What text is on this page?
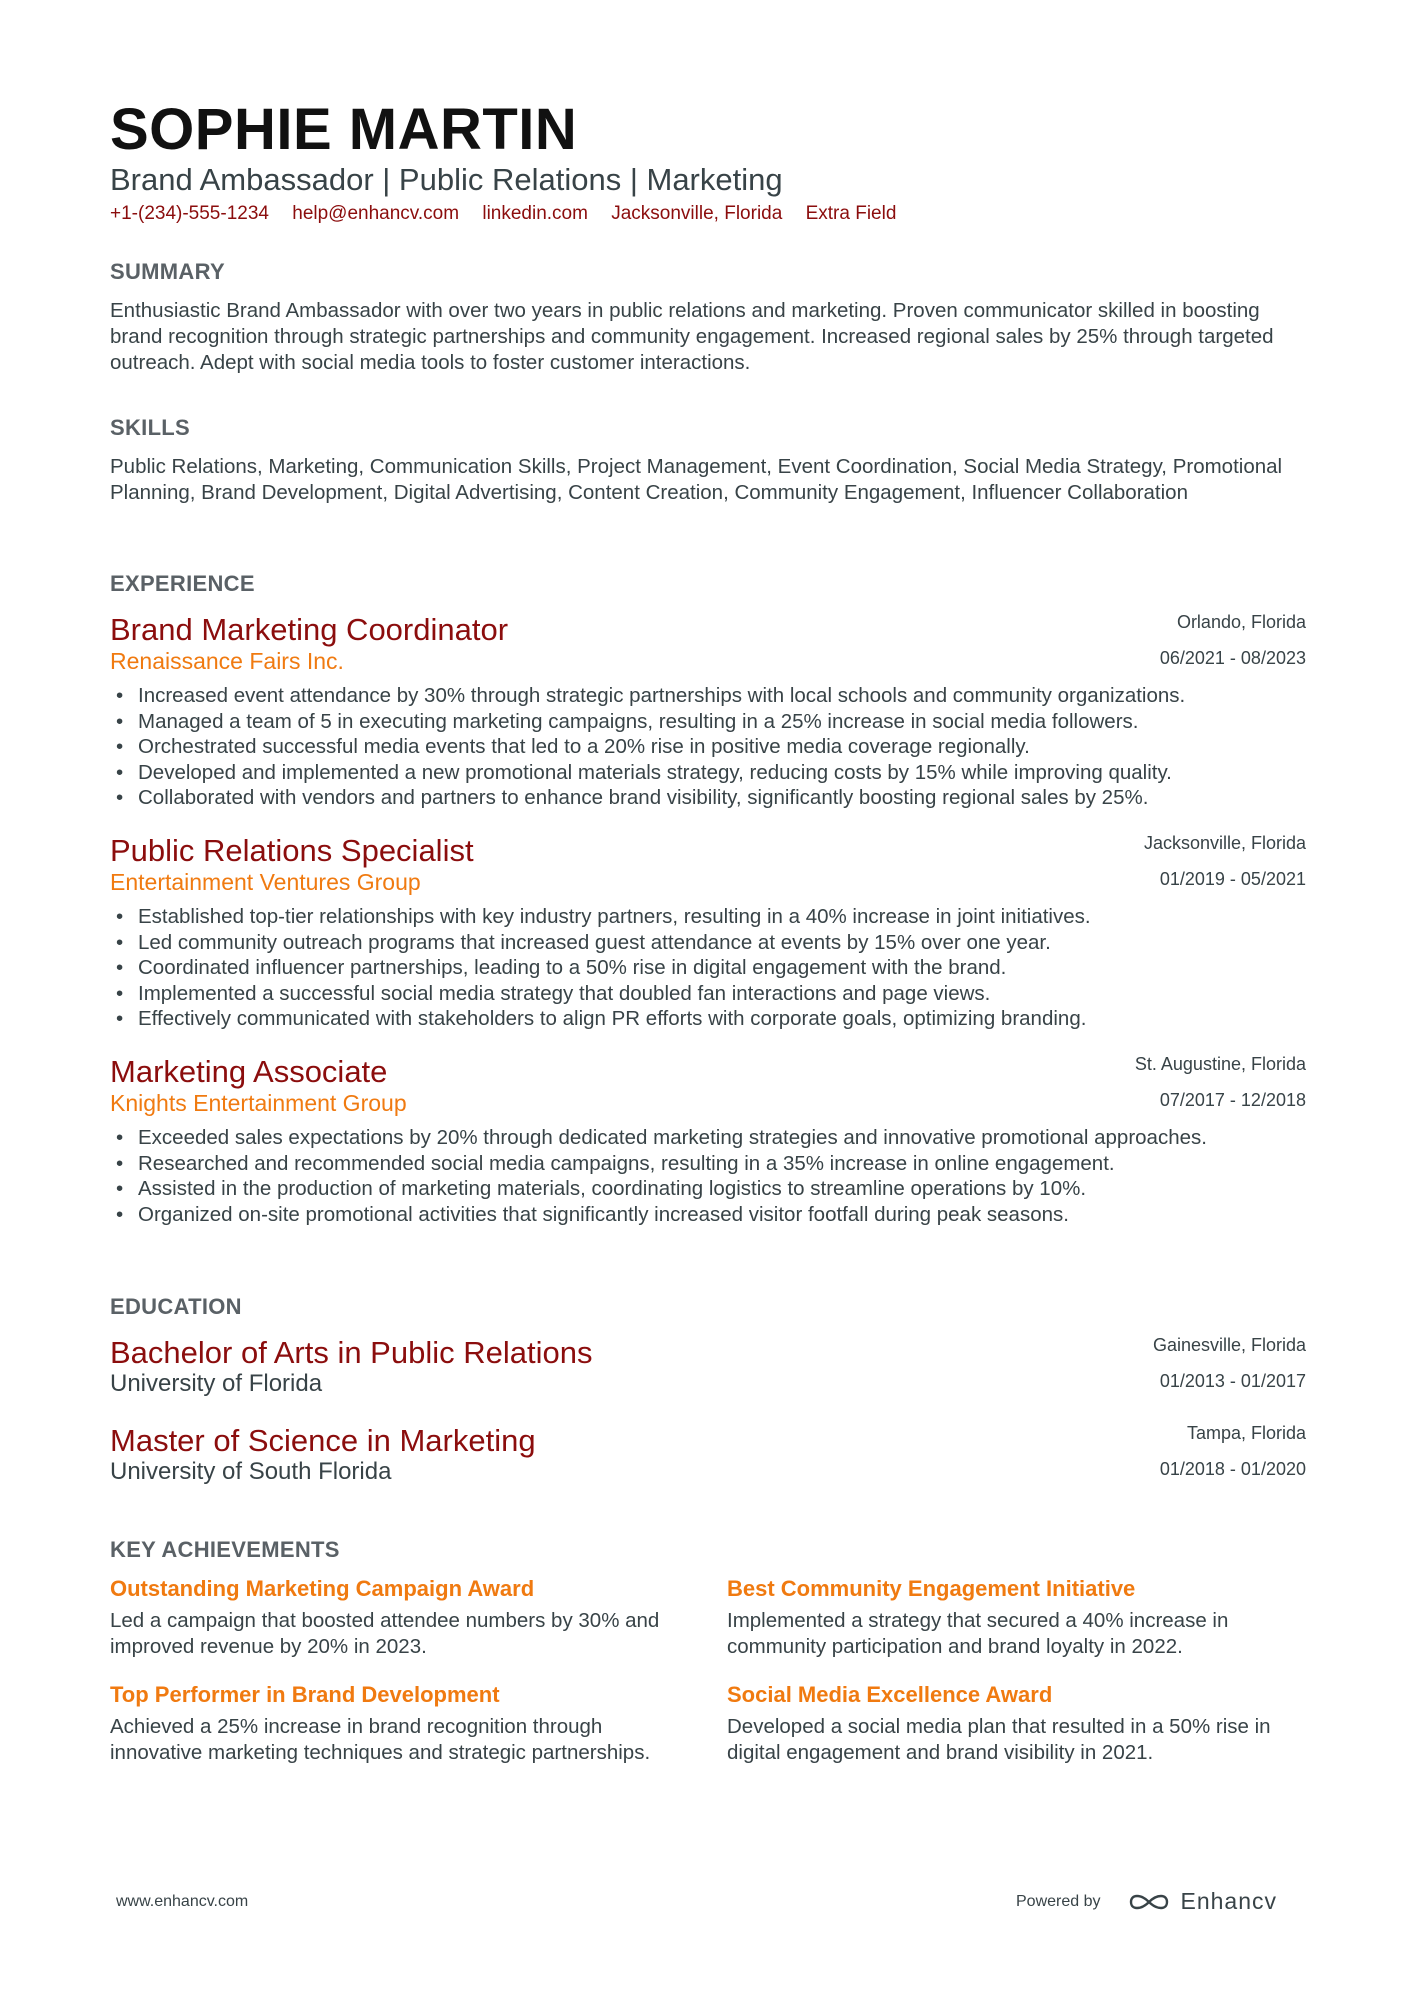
SOPHIE MARTIN
Brand Ambassador | Public Relations | Marketing
+1-(234)-555-1234 help@enhancv.com linkedin.com Jacksonville, Florida Extra Field
SUMMARY
Enthusiastic Brand Ambassador with over two years in public relations and marketing. Proven communicator skilled in boosting brand recognition through strategic partnerships and community engagement. Increased regional sales by 25% through targeted outreach. Adept with social media tools to foster customer interactions.
SKILLS
Public Relations, Marketing, Communication Skills, Project Management, Event Coordination, Social Media Strategy, Promotional Planning, Brand Development, Digital Advertising, Content Creation, Community Engagement, Influencer Collaboration
EXPERIENCE
Brand Marketing Coordinator	Orlando, Florida
Renaissance Fairs Inc.	06/2021 - 08/2023
• Increased event attendance by 30% through strategic partnerships with local schools and community organizations.
• Managed a team of 5 in executing marketing campaigns, resulting in a 25% increase in social media followers.
• Orchestrated successful media events that led to a 20% rise in positive media coverage regionally.
• Developed and implemented a new promotional materials strategy, reducing costs by 15% while improving quality.
• Collaborated with vendors and partners to enhance brand visibility, significantly boosting regional sales by 25%.
Public Relations Specialist	Jacksonville, Florida
Entertainment Ventures Group	01/2019 - 05/2021
• Established top-tier relationships with key industry partners, resulting in a 40% increase in joint initiatives.
• Led community outreach programs that increased guest attendance at events by 15% over one year.
• Coordinated influencer partnerships, leading to a 50% rise in digital engagement with the brand.
• Implemented a successful social media strategy that doubled fan interactions and page views.
• Effectively communicated with stakeholders to align PR efforts with corporate goals, optimizing branding.
Marketing Associate	St. Augustine, Florida
Knights Entertainment Group	07/2017 - 12/2018
• Exceeded sales expectations by 20% through dedicated marketing strategies and innovative promotional approaches.
• Researched and recommended social media campaigns, resulting in a 35% increase in online engagement.
• Assisted in the production of marketing materials, coordinating logistics to streamline operations by 10%.
• Organized on-site promotional activities that significantly increased visitor footfall during peak seasons.
EDUCATION
Bachelor of Arts in Public Relations	Gainesville, Florida
University of Florida	01/2013 - 01/2017
Master of Science in Marketing	Tampa, Florida
University of South Florida	01/2018 - 01/2020
KEY ACHIEVEMENTS
Outstanding Marketing Campaign Award
Led a campaign that boosted attendee numbers by 30% and improved revenue by 20% in 2023.
Best Community Engagement Initiative
Implemented a strategy that secured a 40% increase in community participation and brand loyalty in 2022.
Top Performer in Brand Development
Achieved a 25% increase in brand recognition through innovative marketing techniques and strategic partnerships.
Social Media Excellence Award
Developed a social media plan that resulted in a 50% rise in digital engagement and brand visibility in 2021.
www.enhancv.com	Powered by	Enhancv
